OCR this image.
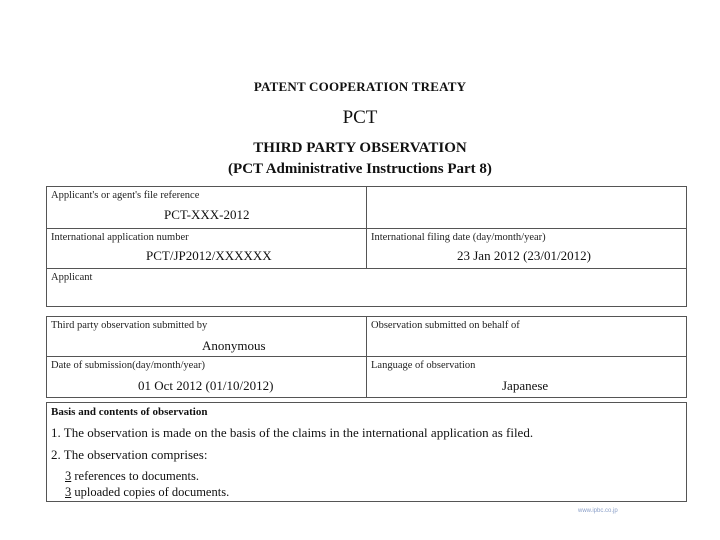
PATENT COOPERATION TREATY
PCT
THIRD PARTY OBSERVATION
(PCT Administrative Instructions Part 8)
Applicant's or agent's file reference
PCT-XXX-2012
International application number
PCT/JP2012/XXXXXX
International filing date (day/month/year)
23 Jan 2012 (23/01/2012)
Applicant
Third party observation submitted by
Anonymous
Observation submitted on behalf of
Date of submission(day/month/year)
01 Oct 2012 (01/10/2012)
Language of observation
Japanese
Basis and contents of observation
1. The observation is made on the basis of the claims in the international application as filed.
2. The observation comprises:
3 references to documents.
3 uploaded copies of documents.
www.ipbc.co.jp
